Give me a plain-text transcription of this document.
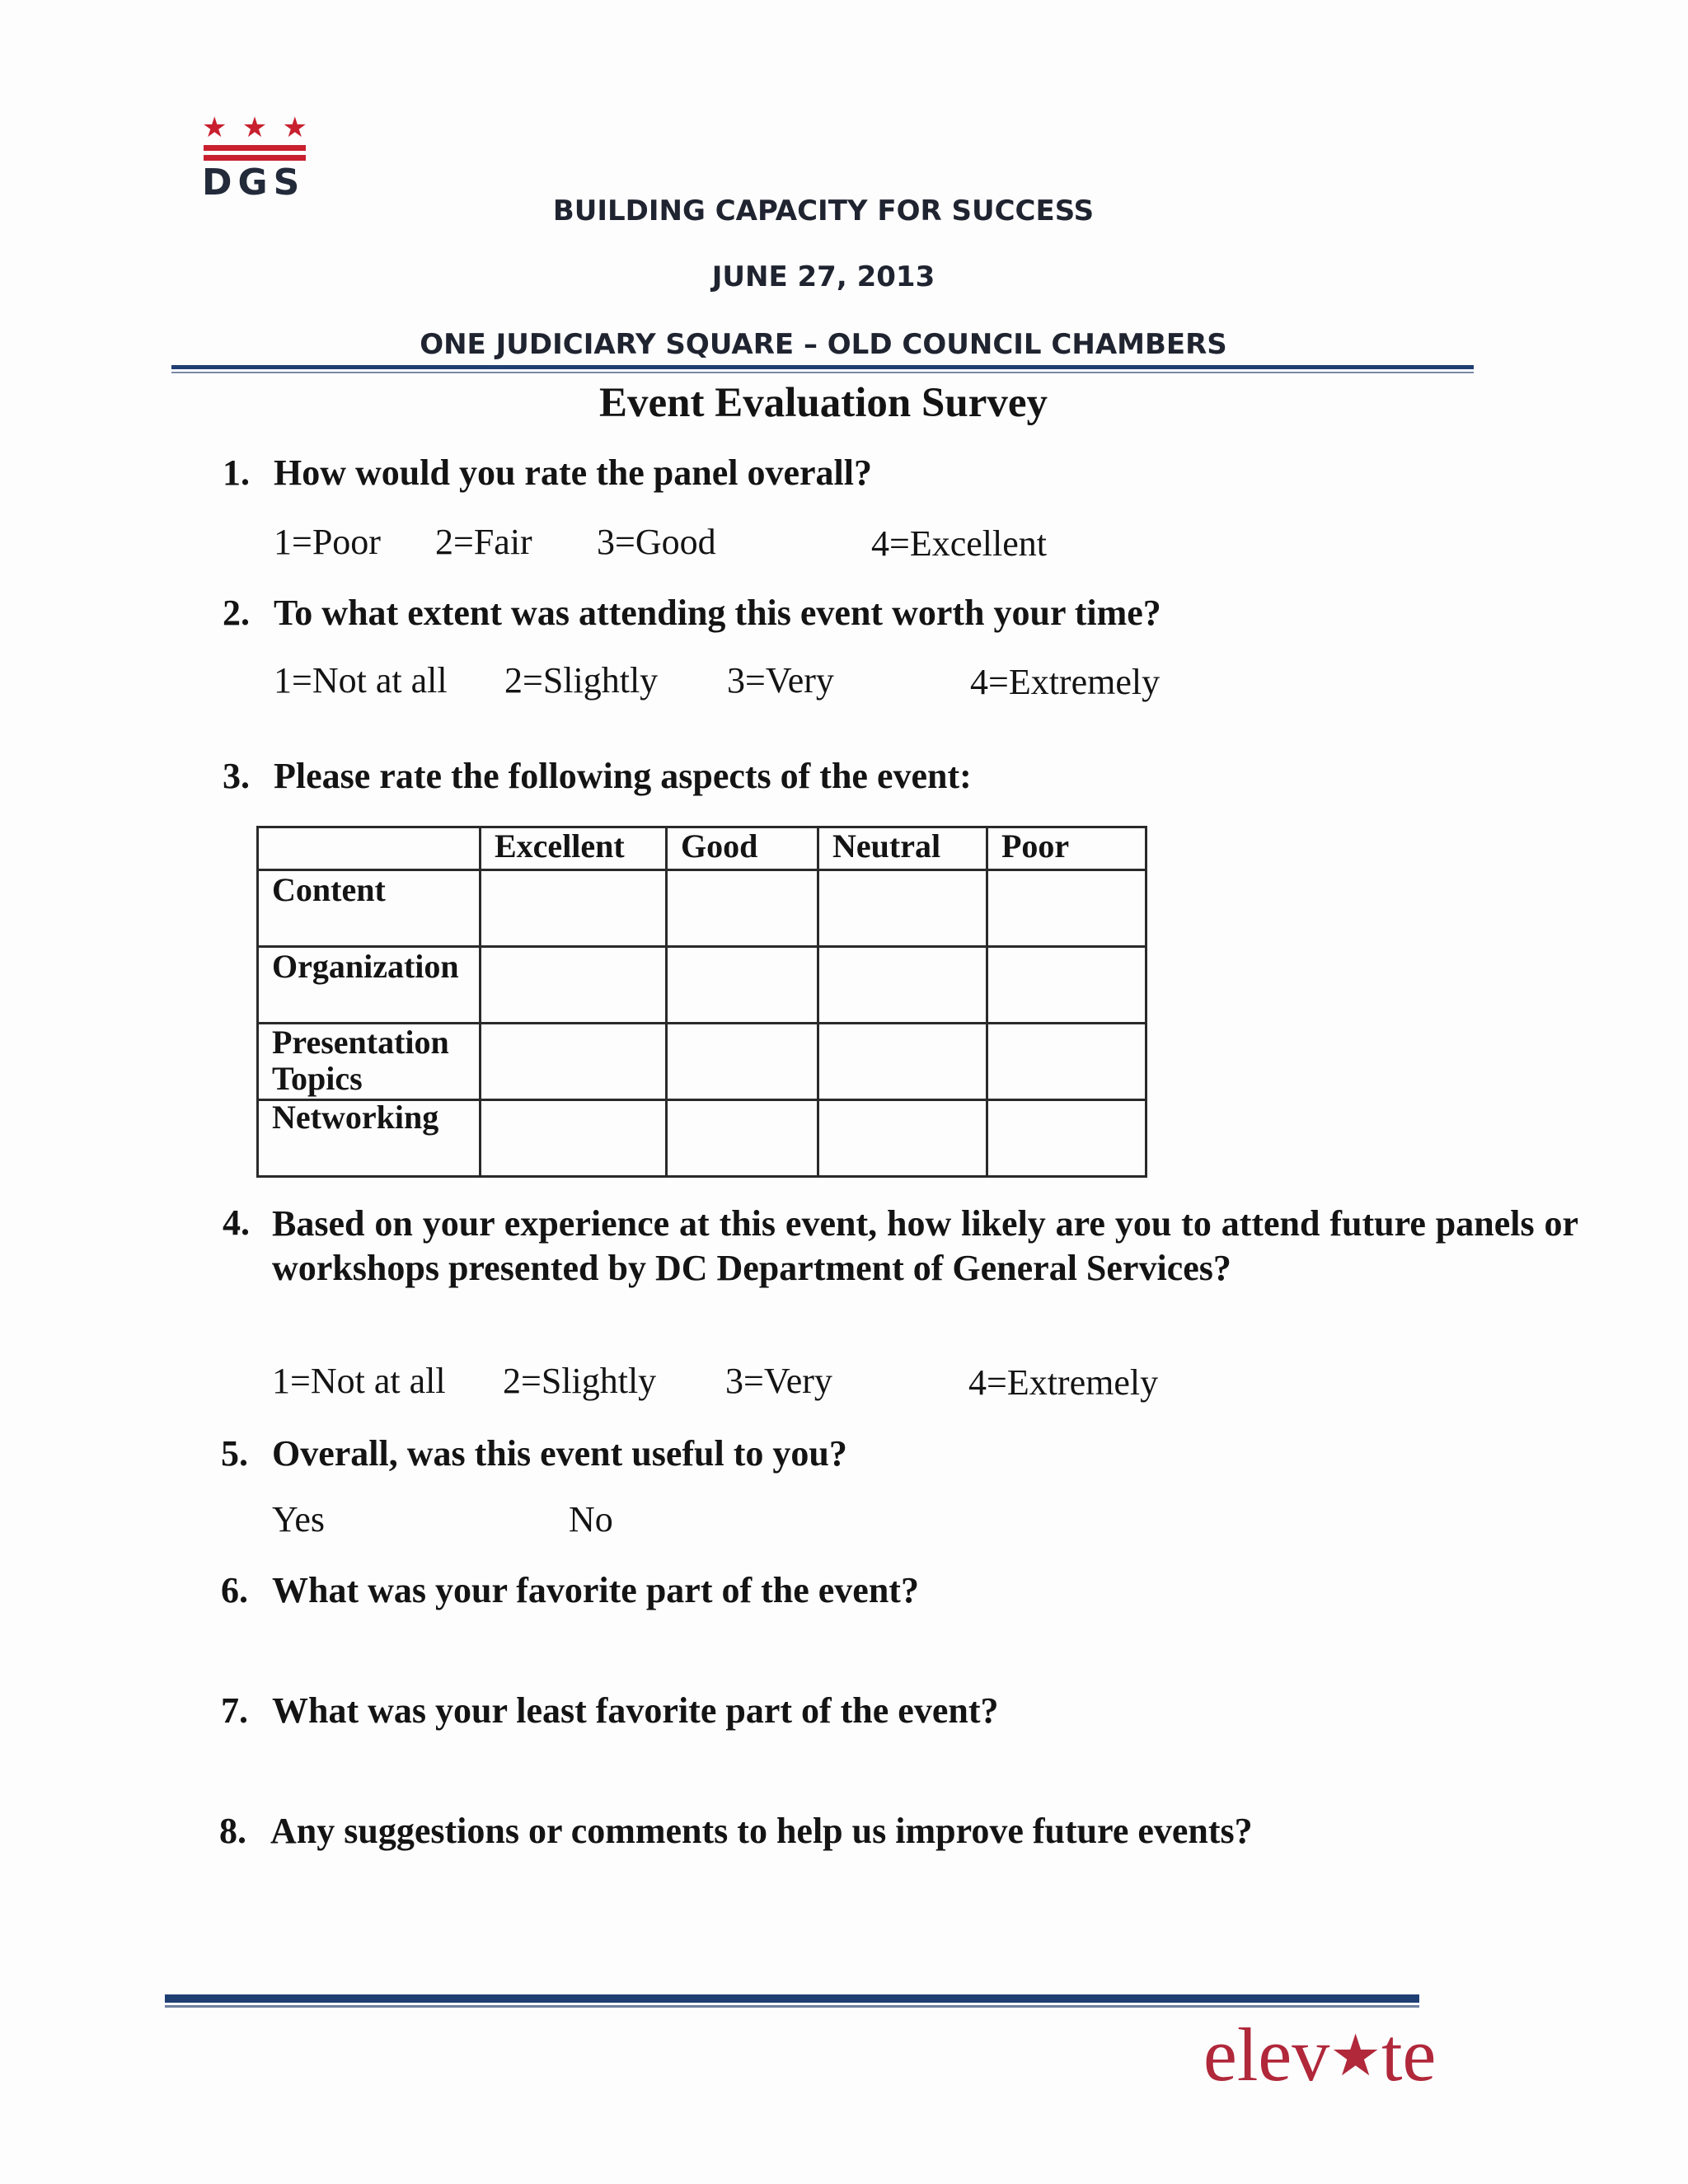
★ ★ ★
DGS
BUILDING CAPACITY FOR SUCCESS
JUNE 27, 2013
ONE JUDICIARY SQUARE – OLD COUNCIL CHAMBERS
Event Evaluation Survey
1. How would you rate the panel overall?
1=Poor 2=Fair 3=Good	4=Excellent
2. To what extent was attending this event worth your time?
1=Not at all 2=Slightly 3=Very	4=Extremely
3. Please rate the following aspects of the event:
	Excellent	Good	Neutral	Poor
Content				
Organization				
Presentation Topics				
Networking				
4. Based on your experience at this event, how likely are you to attend future panels or workshops presented by DC Department of General Services?
1=Not at all 2=Slightly 3=Very	4=Extremely
5. Overall, was this event useful to you?
Yes	No
6. What was your favorite part of the event?
7. What was your least favorite part of the event?
8. Any suggestions or comments to help us improve future events?
elev★te
